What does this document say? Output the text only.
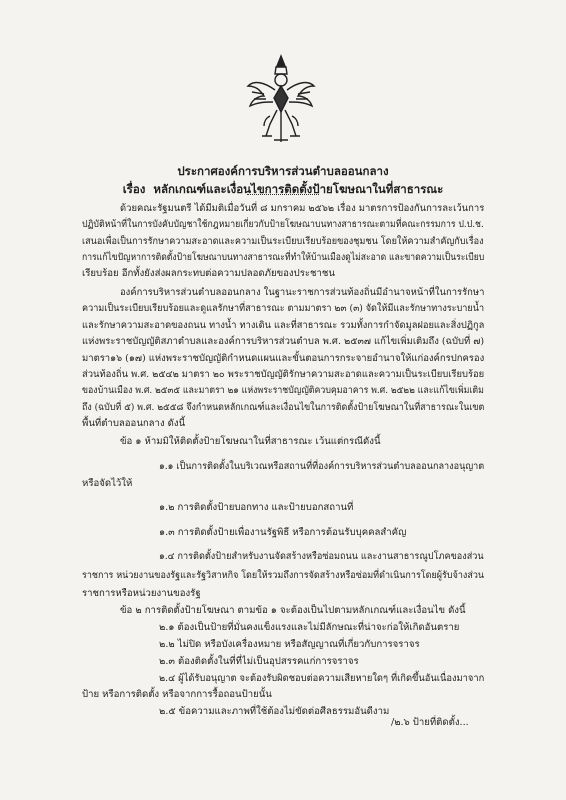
ประกาศองค์การบริหารส่วนตำบลออนกลาง
เรื่อง หลักเกณฑ์และเงื่อนไขการติดตั้งป้ายโฆษณาในที่สาธารณะ
ด้วยคณะรัฐมนตรี ได้มีมติเมื่อวันที่ ๘ มกราคม ๒๕๖๒ เรื่อง มาตรการป้องกันการละเว้นการ
ปฏิบัติหน้าที่ในการบังคับบัญชาใช้กฎหมายเกี่ยวกับป้ายโฆษณาบนทางสาธารณะตามที่คณะกรรมการ ป.ป.ช.
เสนอเพื่อเป็นการรักษาความสะอาดและความเป็นระเบียบเรียบร้อยของชุมชน โดยให้ความสำคัญกับเรื่อง
การแก้ไขปัญหาการติดตั้งป้ายโฆษณาบนทางสาธารณะที่ทำให้บ้านเมืองดูไม่สะอาด และขาดความเป็นระเบียบ
เรียบร้อย อีกทั้งยังส่งผลกระทบต่อความปลอดภัยของประชาชน
องค์การบริหารส่วนตำบลออนกลาง ในฐานะราชการส่วนท้องถิ่นมีอำนาจหน้าที่ในการรักษา
ความเป็นระเบียบเรียบร้อยและดูแลรักษาที่สาธารณะ ตามมาตรา ๒๓ (๓) จัดให้มีและรักษาทางระบายน้ำ
และรักษาความสะอาดของถนน ทางน้ำ ทางเดิน และที่สาธารณะ รวมทั้งการกำจัดมูลฝอยและสิ่งปฏิกูล
แห่งพระราชบัญญัติสภาตำบลและองค์การบริหารส่วนตำบล พ.ศ. ๒๕๓๗ แก้ไขเพิ่มเติมถึง (ฉบับที่ ๗)
มาตรา๑๖ (๑๗) แห่งพระราชบัญญัติกำหนดแผนและขั้นตอนการกระจายอำนาจให้แก่องค์กรปกครอง
ส่วนท้องถิ่น พ.ศ. ๒๕๔๒ มาตรา ๒๐ พระราชบัญญัติรักษาความสะอาดและความเป็นระเบียบเรียบร้อย
ของบ้านเมือง พ.ศ. ๒๕๓๕ และมาตรา ๒๑ แห่งพระราชบัญญัติควบคุมอาคาร พ.ศ. ๒๕๒๒ และแก้ไขเพิ่มเติม
ถึง (ฉบับที่ ๕) พ.ศ. ๒๕๕๘ จึงกำหนดหลักเกณฑ์และเงื่อนไขในการติดตั้งป้ายโฆษณาในที่สาธารณะในเขต
พื้นที่ตำบลออนกลาง ดังนี้
ข้อ ๑ ห้ามมิให้ติดตั้งป้ายโฆษณาในที่สาธารณะ เว้นแต่กรณีดังนี้
๑.๑ เป็นการติดตั้งในบริเวณหรือสถานที่ที่องค์การบริหารส่วนตำบลออนกลางอนุญาต
หรือจัดไว้ให้
๑.๒ การติดตั้งป้ายบอกทาง และป้ายบอกสถานที่
๑.๓ การติดตั้งป้ายเพื่องานรัฐพิธี หรือการต้อนรับบุคคลสำคัญ
๑.๔ การติดตั้งป้ายสำหรับงานจัดสร้างหรือซ่อมถนน และงานสาธารณูปโภคของส่วน
ราชการ หน่วยงานของรัฐและรัฐวิสาหกิจ โดยให้รวมถึงการจัดสร้างหรือซ่อมที่ดำเนินการโดยผู้รับจ้างส่วน
ราชการหรือหน่วยงานของรัฐ
ข้อ ๒ การติดตั้งป้ายโฆษณา ตามข้อ ๑ จะต้องเป็นไปตามหลักเกณฑ์และเงื่อนไข ดังนี้
๒.๑ ต้องเป็นป้ายที่มั่นคงแข็งแรงและไม่มีลักษณะที่น่าจะก่อให้เกิดอันตราย
๒.๒ ไม่ปิด หรือบังเครื่องหมาย หรือสัญญาณที่เกี่ยวกับการจราจร
๒.๓ ต้องติดตั้งในที่ที่ไม่เป็นอุปสรรคแก่การจราจร
๒.๔ ผู้ได้รับอนุญาต จะต้องรับผิดชอบต่อความเสียหายใดๆ ที่เกิดขึ้นอันเนื่องมาจาก
ป้าย หรือการติดตั้ง หรือจากการรื้อถอนป้ายนั้น
๒.๕ ข้อความและภาพที่ใช้ต้องไม่ขัดต่อศีลธรรมอันดีงาม
/๒.๖ ป้ายที่ติดตั้ง...
